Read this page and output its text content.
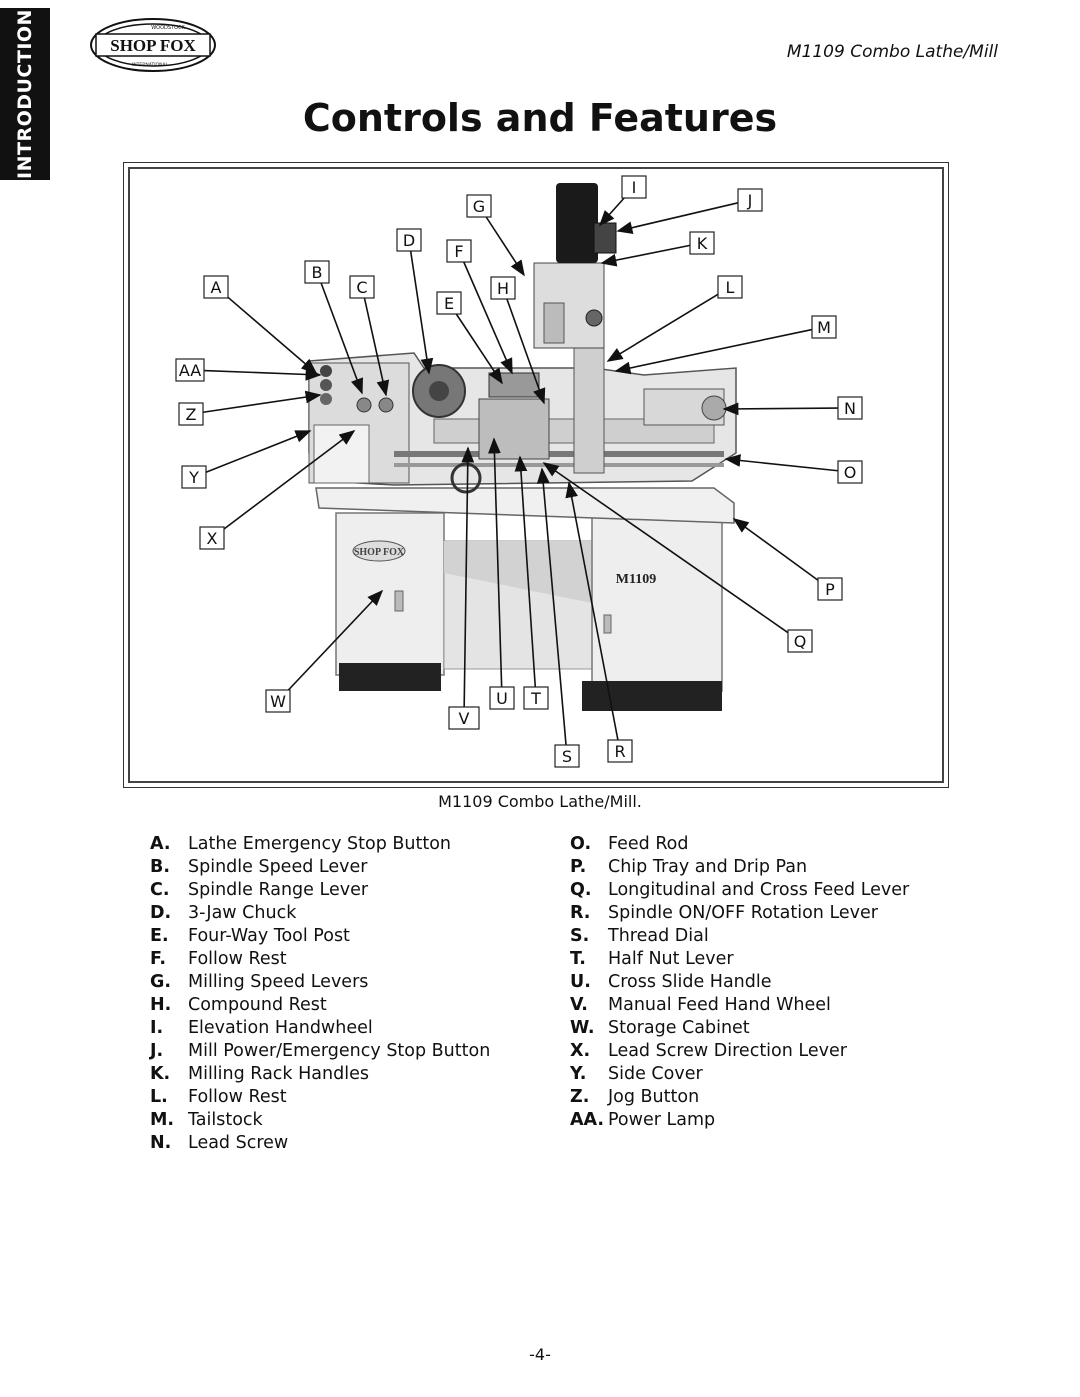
INTRODUCTION	SHOP FOX
WOODSTOCK
INTERNATIONAL
M1109 Combo Lathe/Mill
Controls and Features
SHOP FOX
M1109
A
B
C
D
E
F
G
H
I
J
K
L
M
N
O
P
Q
R
S
T
U
V
W
X
Y
Z
AA
M1109 Combo Lathe/Mill.
A. Lathe Emergency Stop Button
B.	Spindle Speed Lever
C.	Spindle Range Lever
D. 3-Jaw Chuck
E.	Four-Way Tool Post
F.	Follow Rest
G. Milling Speed Levers
H. Compound Rest
I.	Elevation Handwheel
J.	Mill Power/Emergency Stop Button
K.	Milling Rack Handles
L.	Follow Rest
M. Tailstock
N. Lead Screw
O. Feed Rod
P.	Chip Tray and Drip Pan
Q. Longitudinal and Cross Feed Lever
R.	Spindle ON/OFF Rotation Lever
S.	Thread Dial
T.	Half Nut Lever
U. Cross Slide Handle
V.	Manual Feed Hand Wheel
W. Storage Cabinet
X.	Lead Screw Direction Lever
Y.	Side Cover
Z.	Jog Button
AA. Power Lamp
-4-
